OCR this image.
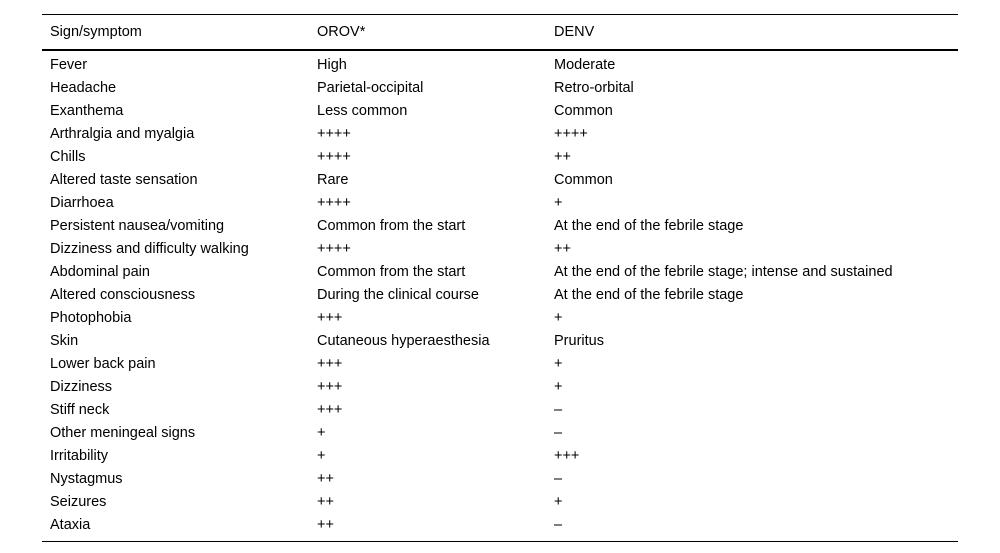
Sign/symptom	OROV*	DENV
Fever	High	Moderate
Headache	Parietal-occipital	Retro-orbital
Exanthema	Less common	Common
Arthralgia and myalgia	++++	++++
Chills	++++	++
Altered taste sensation	Rare	Common
Diarrhoea	++++	+
Persistent nausea/vomiting	Common from the start	At the end of the febrile stage
Dizziness and difficulty walking	++++	++
Abdominal pain	Common from the start	At the end of the febrile stage; intense and sustained
Altered consciousness	During the clinical course	At the end of the febrile stage
Photophobia	+++	+
Skin	Cutaneous hyperaesthesia	Pruritus
Lower back pain	+++	+
Dizziness	+++	+
Stiff neck	+++	–
Other meningeal signs	+	–
Irritability	+	+++
Nystagmus	++	–
Seizures	++	+
Ataxia	++	–
